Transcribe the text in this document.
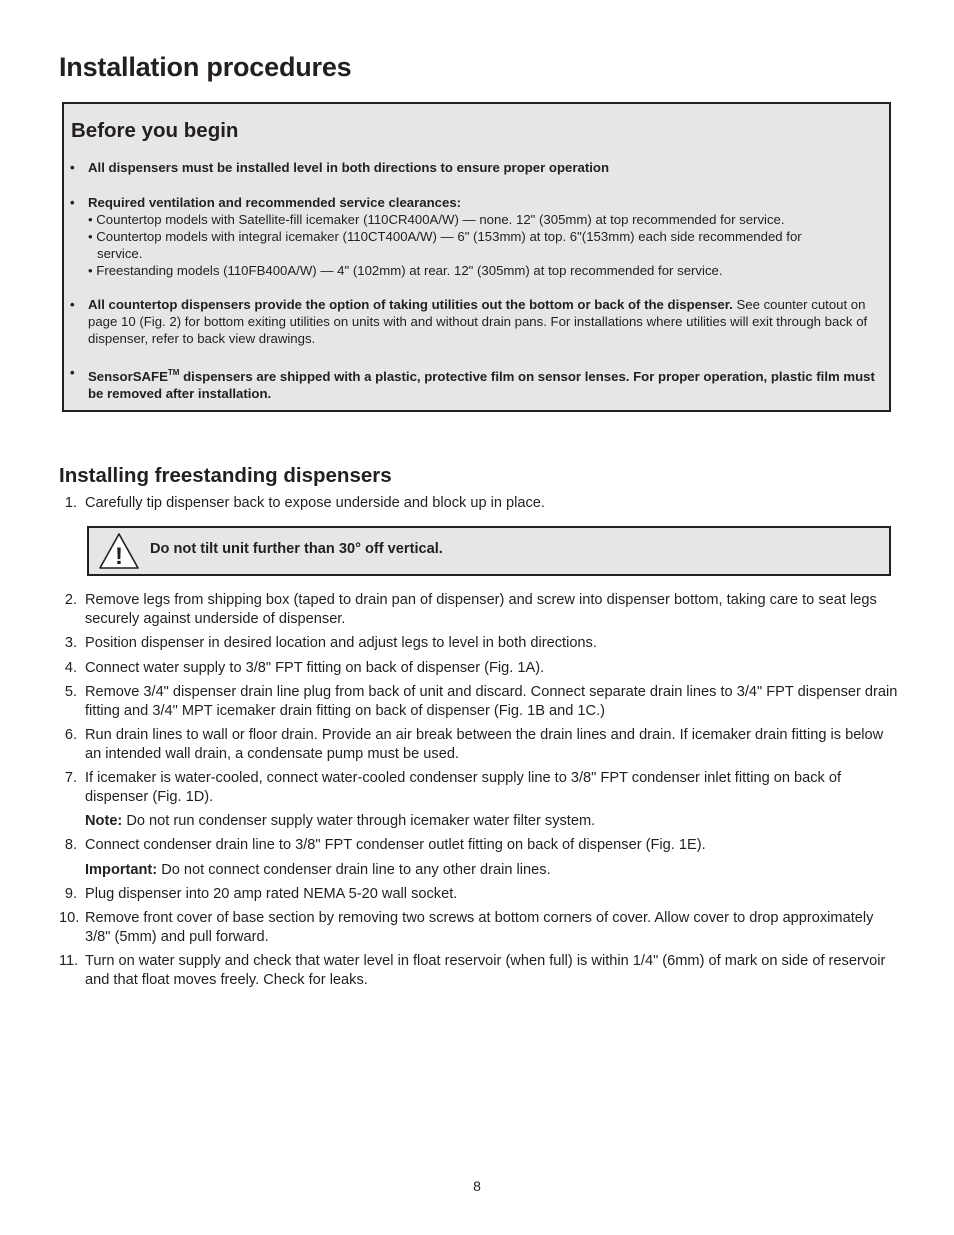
Installation procedures
Before you begin
• All dispensers must be installed level in both directions to ensure proper operation
• Required ventilation and recommended service clearances:
• Countertop models with Satellite-fill icemaker (110CR400A/W) — none. 12" (305mm) at top recommended for service.
• Countertop models with integral icemaker (110CT400A/W) — 6" (153mm) at top. 6"(153mm) each side recommended for service.
• Freestanding models (110FB400A/W) — 4" (102mm) at rear. 12" (305mm) at top recommended for service.
• All countertop dispensers provide the option of taking utilities out the bottom or back of the dispenser. See counter cutout on page 10 (Fig. 2) for bottom exiting utilities on units with and without drain pans. For installations where utilities will exit through back of dispenser, refer to back view drawings.
• SensorSAFE™ dispensers are shipped with a plastic, protective film on sensor lenses. For proper operation, plastic film must be removed after installation.
Installing freestanding dispensers
1. Carefully tip dispenser back to expose underside and block up in place.
2. Remove legs from shipping box (taped to drain pan of dispenser) and screw into dispenser bottom, taking care to seat legs securely against underside of dispenser.
3. Position dispenser in desired location and adjust legs to level in both directions.
4. Connect water supply to 3/8" FPT fitting on back of dispenser (Fig. 1A).
5. Remove 3/4" dispenser drain line plug from back of unit and discard. Connect separate drain lines to 3/4" FPT dispenser drain fitting and 3/4" MPT icemaker drain fitting on back of dispenser (Fig. 1B and 1C.)
6. Run drain lines to wall or floor drain. Provide an air break between the drain lines and drain. If icemaker drain fitting is below an intended wall drain, a condensate pump must be used.
7. If icemaker is water-cooled, connect water-cooled condenser supply line to 3/8" FPT condenser inlet fitting on back of dispenser (Fig. 1D).
Note: Do not run condenser supply water through icemaker water filter system.
8. Connect condenser drain line to 3/8" FPT condenser outlet fitting on back of dispenser (Fig. 1E).
Important: Do not connect condenser drain line to any other drain lines.
9. Plug dispenser into 20 amp rated NEMA 5-20 wall socket.
10. Remove front cover of base section by removing two screws at bottom corners of cover. Allow cover to drop approximately 3/8" (5mm) and pull forward.
11. Turn on water supply and check that water level in float reservoir (when full) is within 1/4" (6mm) of mark on side of reservoir and that float moves freely. Check for leaks.
! Do not tilt unit further than 30° off vertical.
8
